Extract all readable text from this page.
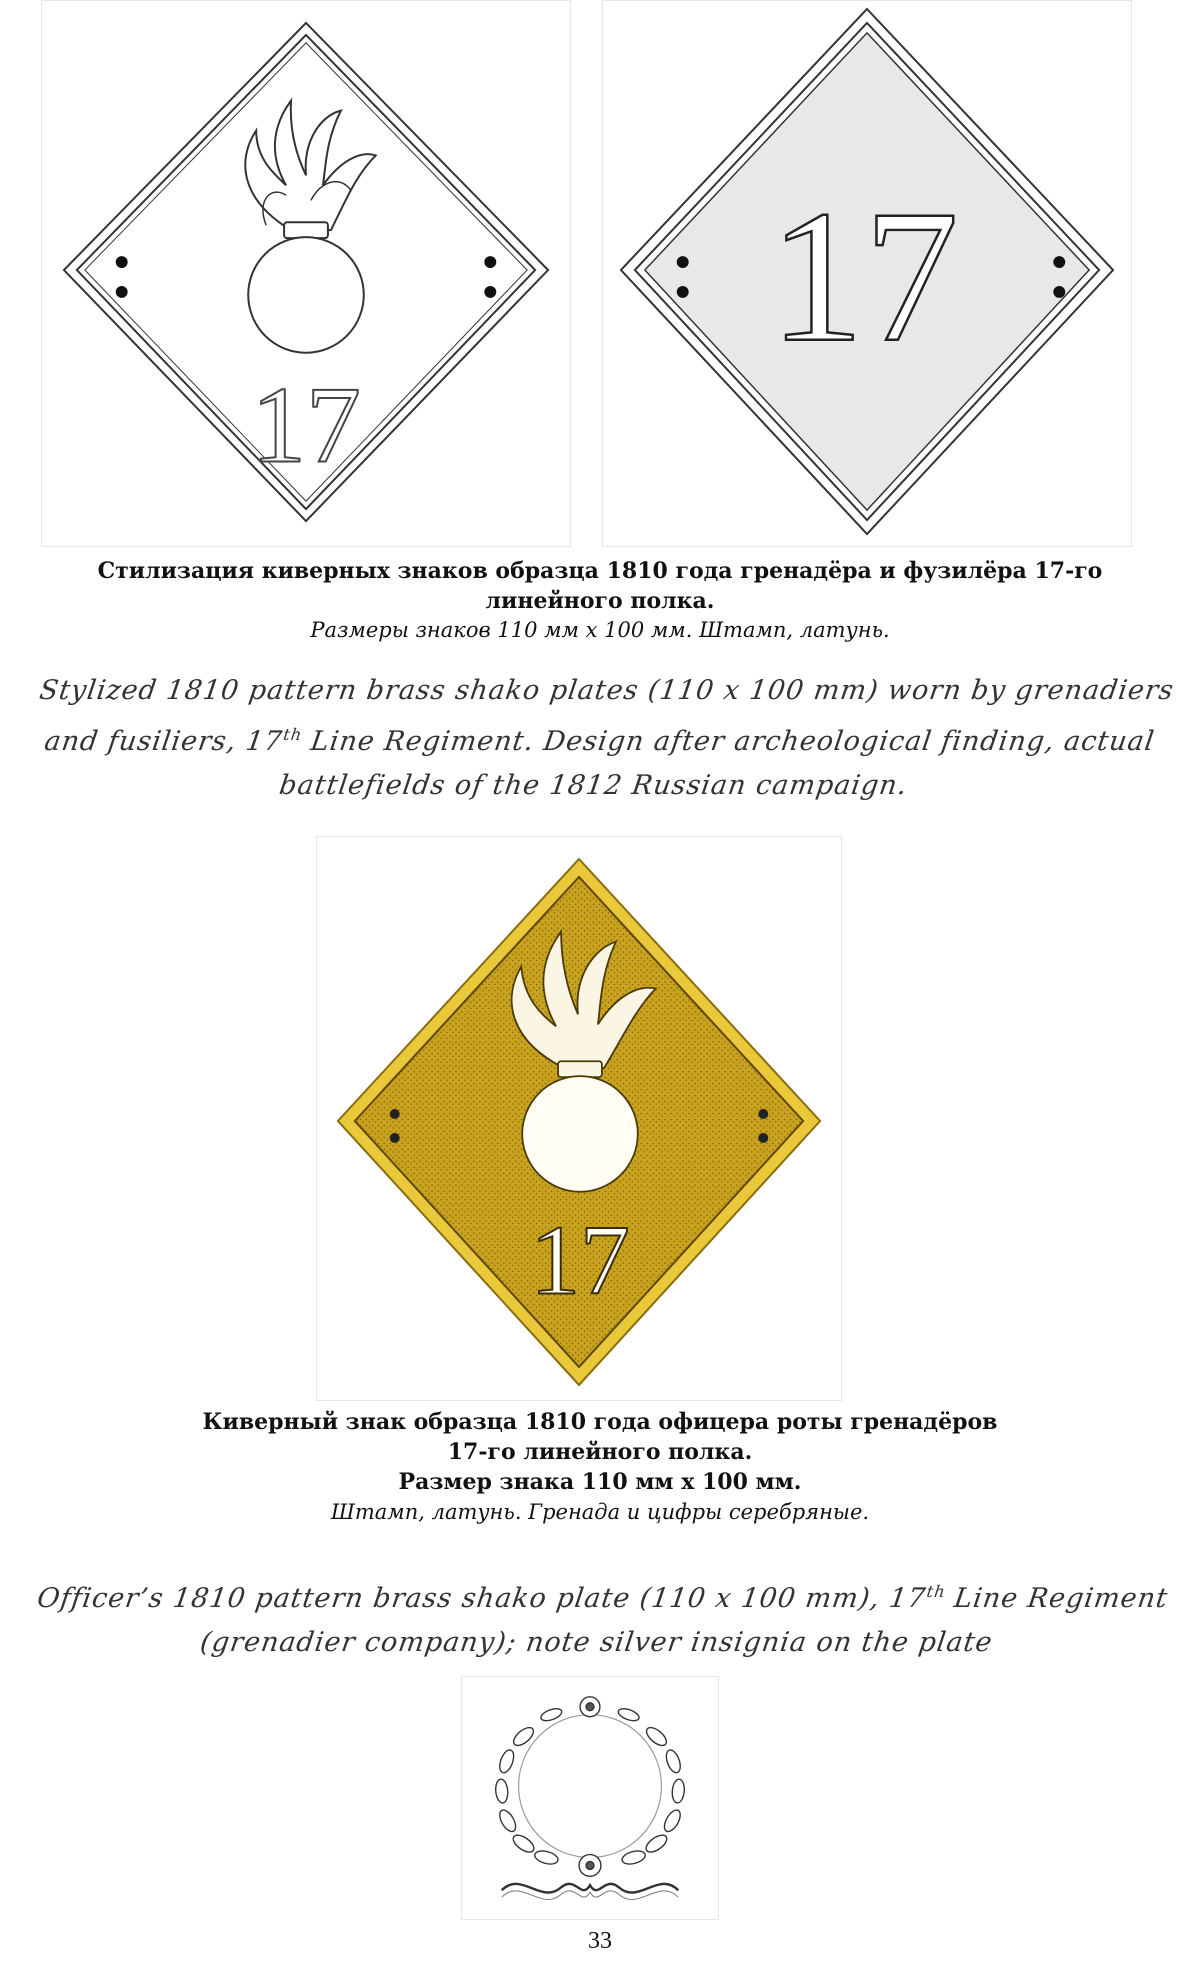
17
17

Стилизация киверных знаков образца 1810 года гренадёра и фузилёра 17-го линейного полка.

Размеры знаков 110 мм х 100 мм. Штамп, латунь.

Stylized 1810 pattern brass shako plates (110 x 100 mm) worn by grenadiers and fusiliers, 17th Line Regiment. Design after archeological finding, actual battlefields of the 1812 Russian campaign.

17
Киверный знак образца 1810 года офицера роты гренадёров
17-го линейного полка.
Размер знака 110 мм х 100 мм.

Штамп, латунь. Гренада и цифры серебряные.

Officer’s 1810 pattern brass shako plate (110 x 100 mm), 17th Line Regiment (grenadier company); note silver insignia on the plate

33
